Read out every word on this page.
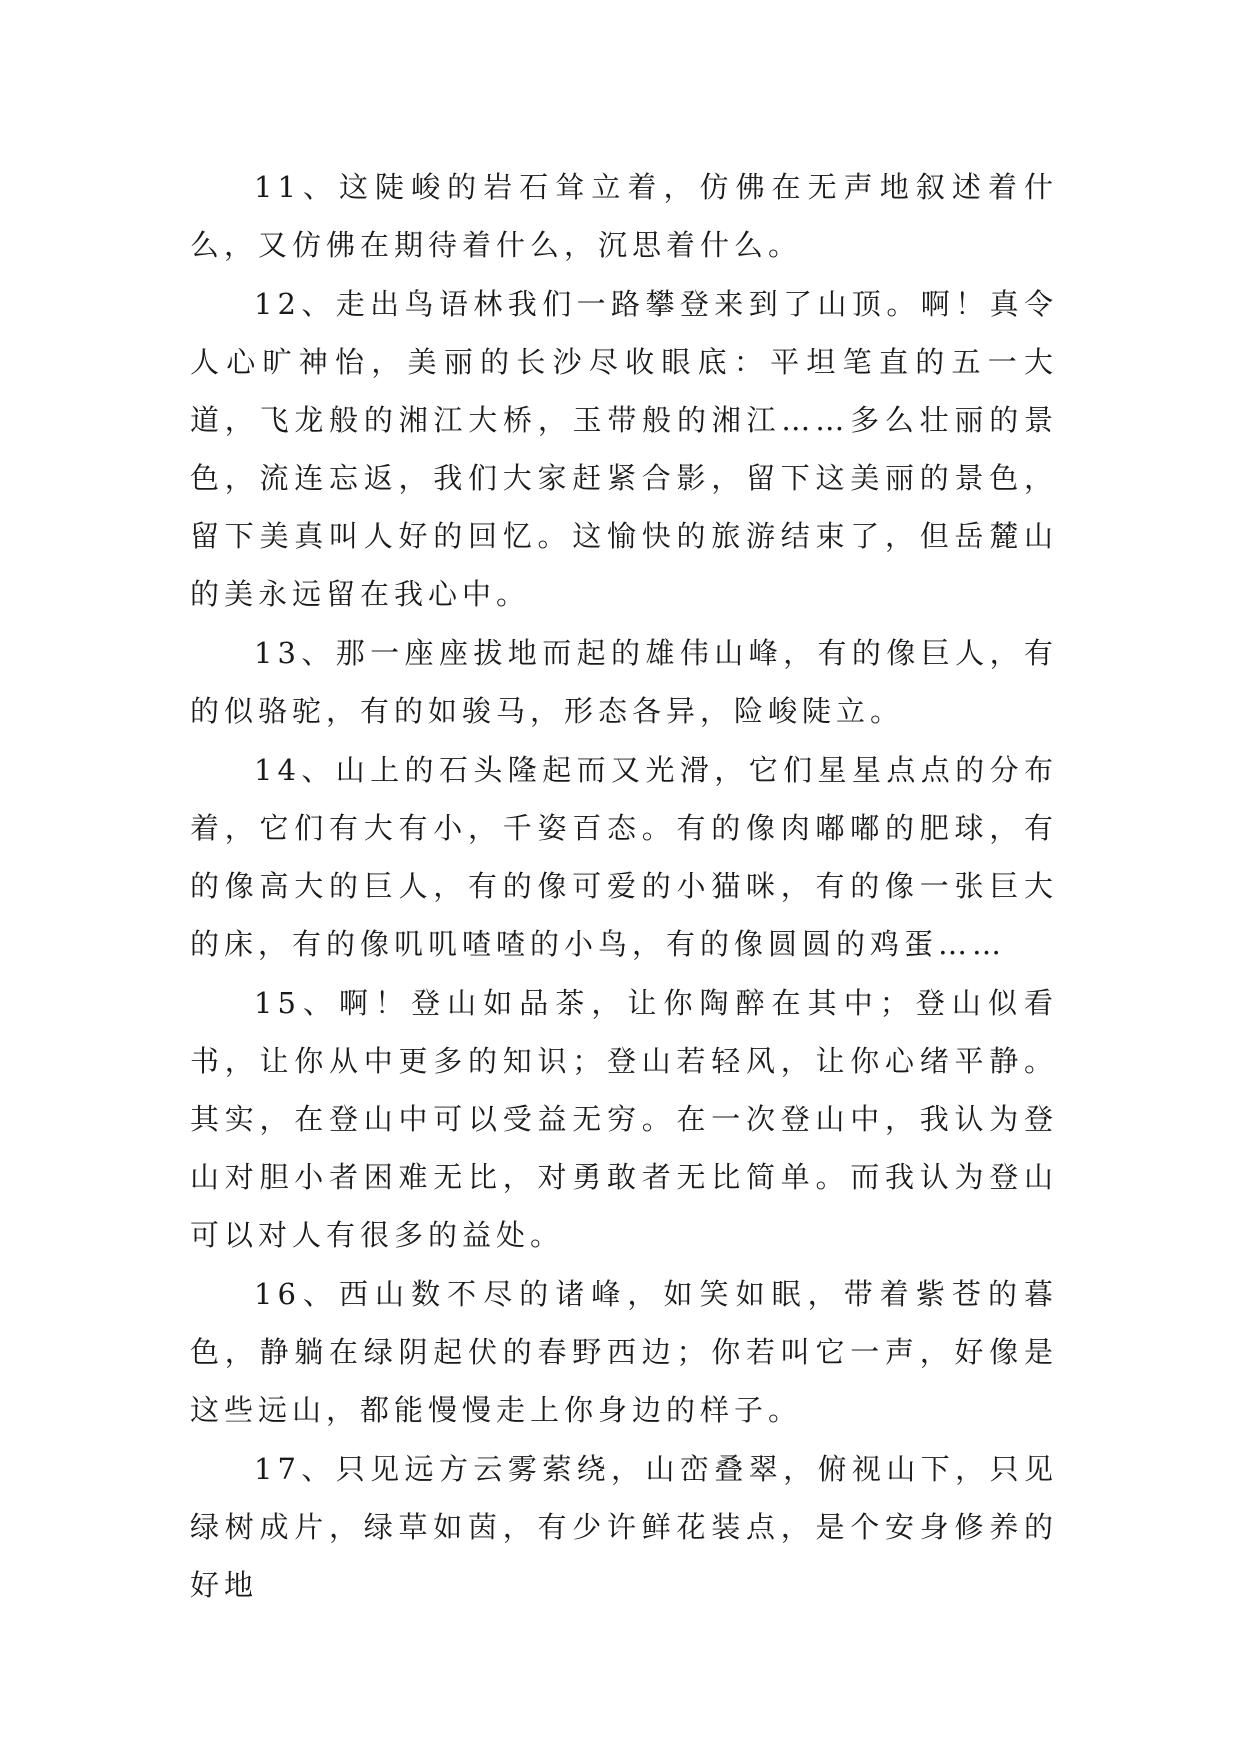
11、这陡峻的岩石耸立着，仿佛在无声地叙述着什么，又仿佛在期待着什么，沉思着什么。

12、走出鸟语林我们一路攀登来到了山顶。啊！真令人心旷神怡，美丽的长沙尽收眼底：平坦笔直的五一大道，飞龙般的湘江大桥，玉带般的湘江……多么壮丽的景色，流连忘返，我们大家赶紧合影，留下这美丽的景色，留下美真叫人好的回忆。这愉快的旅游结束了，但岳麓山的美永远留在我心中。

13、那一座座拔地而起的雄伟山峰，有的像巨人，有的似骆驼，有的如骏马，形态各异，险峻陡立。

14、山上的石头隆起而又光滑，它们星星点点的分布着，它们有大有小，千姿百态。有的像肉嘟嘟的肥球，有的像高大的巨人，有的像可爱的小猫咪，有的像一张巨大的床，有的像叽叽喳喳的小鸟，有的像圆圆的鸡蛋……

15、啊！登山如品茶，让你陶醉在其中；登山似看书，让你从中更多的知识；登山若轻风，让你心绪平静。其实，在登山中可以受益无穷。在一次登山中，我认为登山对胆小者困难无比，对勇敢者无比简单。而我认为登山可以对人有很多的益处。

16、西山数不尽的诸峰，如笑如眠，带着紫苍的暮色，静躺在绿阴起伏的春野西边；你若叫它一声，好像是这些远山，都能慢慢走上你身边的样子。

17、只见远方云雾萦绕，山峦叠翠，俯视山下，只见绿树成片，绿草如茵，有少许鲜花装点，是个安身修养的好地
